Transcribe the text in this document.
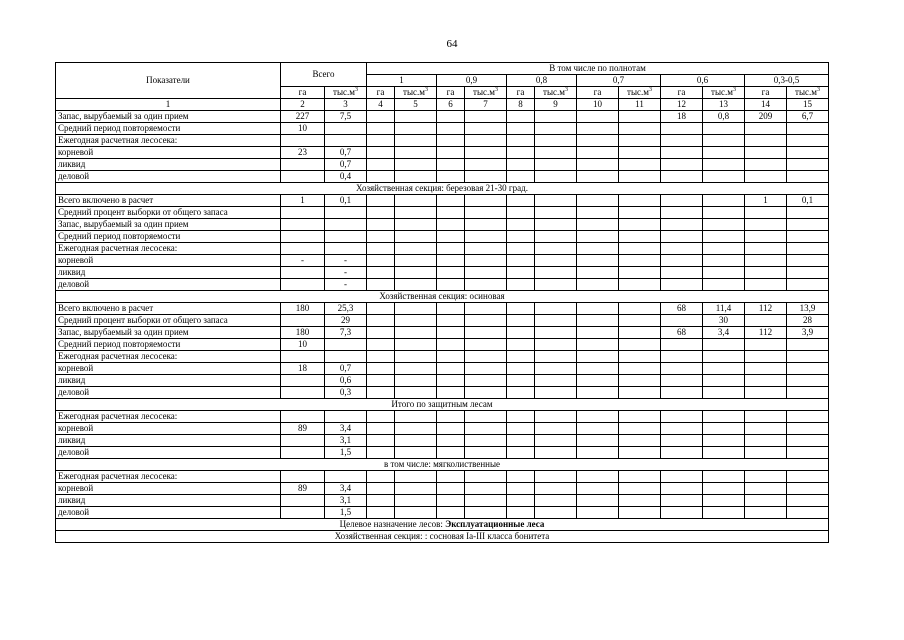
64
Показатели	Всего		В том числе по полнотам											
			1		0,9		0,8		0,7		0,6		0,3-0,5	
	га	$тыс.м^3$	га	$тыс.м^3$	га	$тыс.м^3$	га	$тыс.м^3$	га	$тыс.м^3$	га	$тыс.м^3$	га	$тыс.м^3$
1	2	3	4	5	6	7	8	9	10	11	12	13	14	15
Запас, вырубаемый за один прием	227	7,5									18	0,8	209	6,7
Средний период повторяемости	10													
Ежегодная расчетная лесосека:														
корневой	23	0,7												
ликвид		0,7												
деловой		0,4												
Хозяйственная секция: березовая 21-30 град.														
Всего включено в расчет	1	0,1											1	0,1
Средний процент выборки от общего запаса														
Запас, вырубаемый за один прием														
Средний период повторяемости														
Ежегодная расчетная лесосека:														
корневой	-	-												
ликвид		-												
деловой		-												
Хозяйственная секция: осиновая														
Всего включено в расчет	180	25,3									68	11,4	112	13,9
Средний процент выборки от общего запаса		29										30		28
Запас, вырубаемый за один прием	180	7,3									68	3,4	112	3,9
Средний период повторяемости	10													
Ежегодная расчетная лесосека:														
корневой	18	0,7												
ликвид		0,6												
деловой		0,3												
Итого по защитным лесам														
Ежегодная расчетная лесосека:														
корневой	89	3,4												
ликвид		3,1												
деловой		1,5												
в том числе: мягколиственные														
Ежегодная расчетная лесосека:														
корневой	89	3,4												
ликвид		3,1												
деловой		1,5												
Целевое назначение лесов: Эксплуатационные леса														
Хозяйственная секция: : сосновая Ia-III класса бонитета														
